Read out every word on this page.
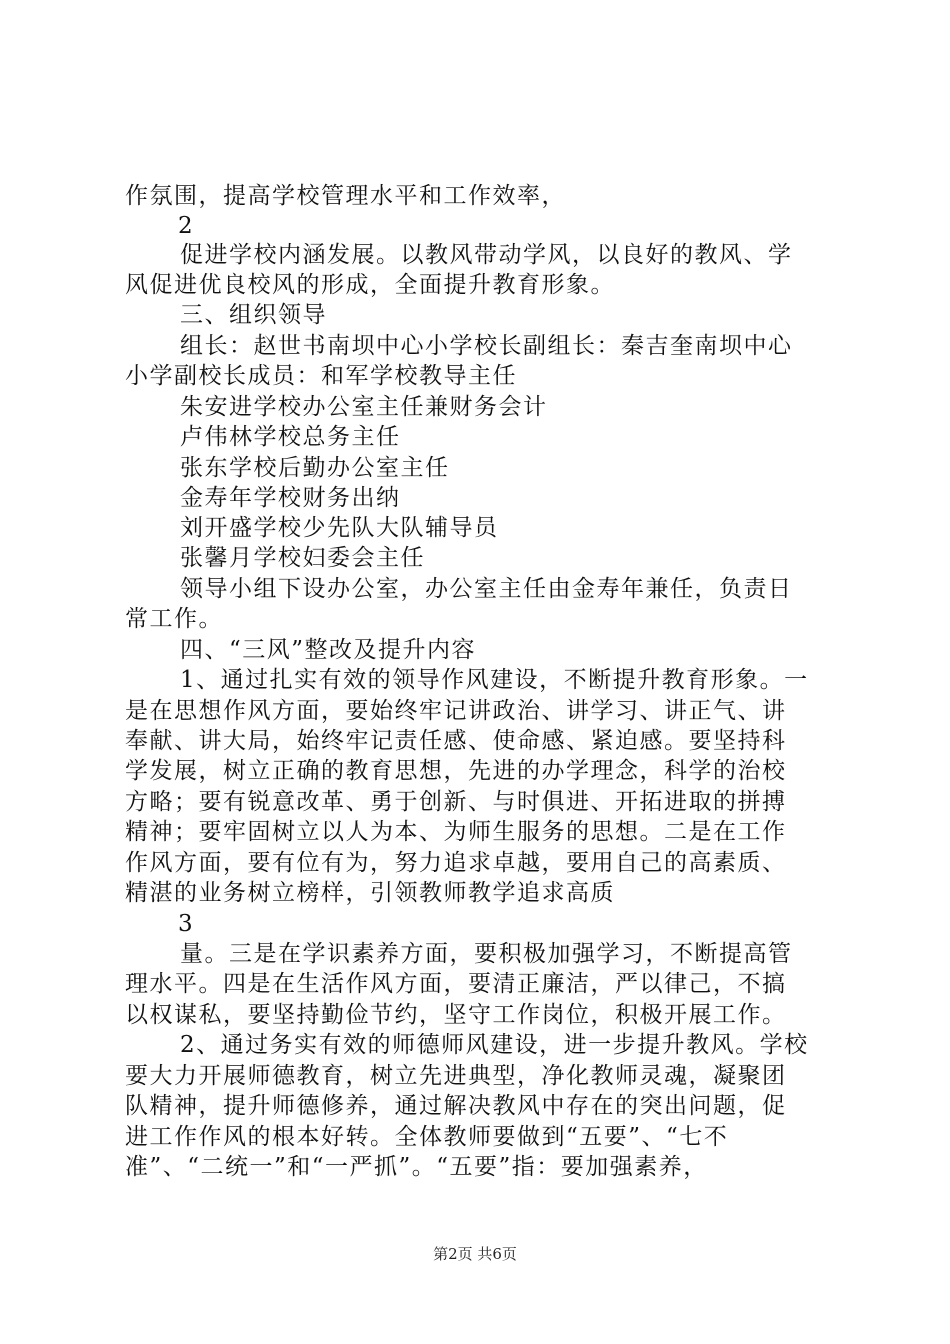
作氛围，提高学校管理水平和工作效率，
2
促进学校内涵发展。以教风带动学风，以良好的教风、学
风促进优良校风的形成，全面提升教育形象。
三、组织领导
组长：赵世书南坝中心小学校长副组长：秦吉奎南坝中心
小学副校长成员：和军学校教导主任
朱安进学校办公室主任兼财务会计
卢伟林学校总务主任
张东学校后勤办公室主任
金寿年学校财务出纳
刘开盛学校少先队大队辅导员
张馨月学校妇委会主任
领导小组下设办公室，办公室主任由金寿年兼任，负责日
常工作。
四、“三风”整改及提升内容
1、通过扎实有效的领导作风建设，不断提升教育形象。一
是在思想作风方面，要始终牢记讲政治、讲学习、讲正气、讲
奉献、讲大局，始终牢记责任感、使命感、紧迫感。要坚持科
学发展，树立正确的教育思想，先进的办学理念，科学的治校
方略；要有锐意改革、勇于创新、与时俱进、开拓进取的拼搏
精神；要牢固树立以人为本、为师生服务的思想。二是在工作
作风方面，要有位有为，努力追求卓越，要用自己的高素质、
精湛的业务树立榜样，引领教师教学追求高质
3
量。三是在学识素养方面，要积极加强学习，不断提高管
理水平。四是在生活作风方面，要清正廉洁，严以律己，不搞
以权谋私，要坚持勤俭节约，坚守工作岗位，积极开展工作。
2、通过务实有效的师德师风建设，进一步提升教风。学校
要大力开展师德教育，树立先进典型，净化教师灵魂，凝聚团
队精神，提升师德修养，通过解决教风中存在的突出问题，促
进工作作风的根本好转。全体教师要做到“五要”、“七不
准”、“二统一”和“一严抓”。“五要”指：要加强素养，
第2页 共6页
